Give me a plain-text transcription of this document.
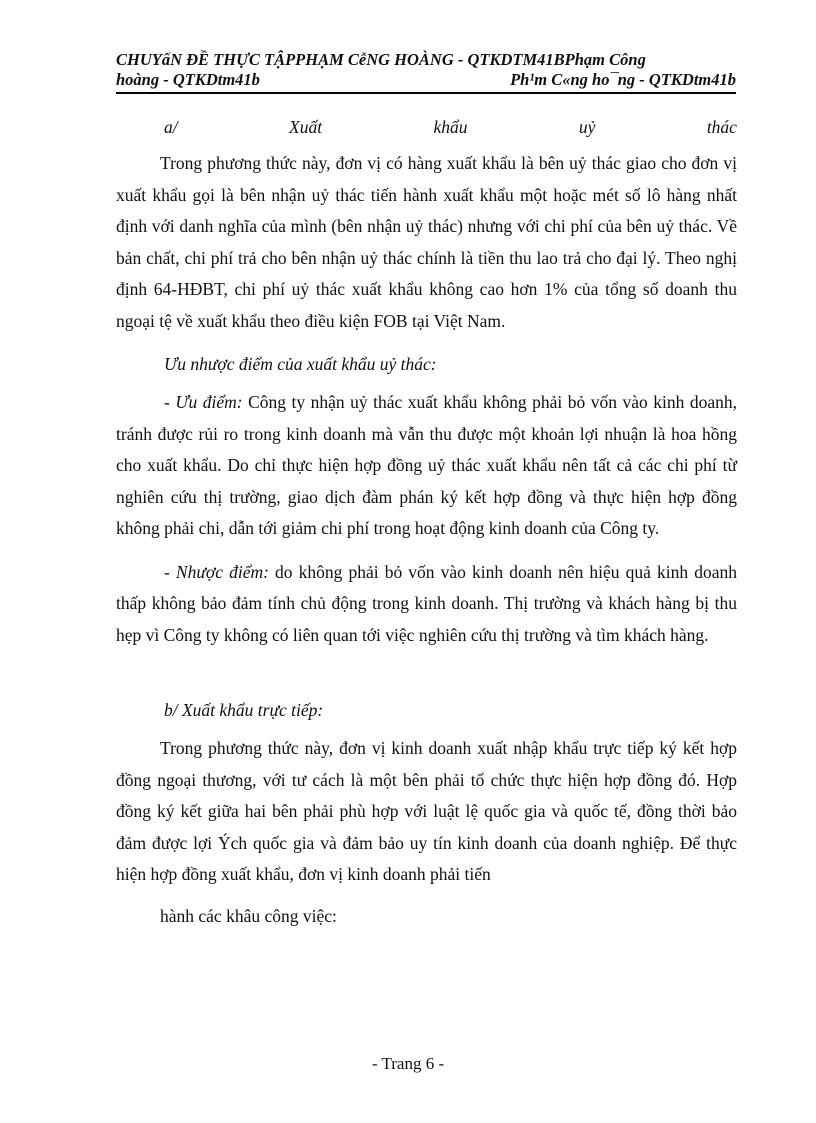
CHUYấN ĐỀ THỰC TẬPPHẠM CễNG HOÀNG - QTKDTM41BPhạm Công
hoàng - QTKDtm41b	Ph¹m C«ng ho¯ng - QTKDtm41b
a/	Xuất	khẩu	uỷ	thác

Trong phương thức này, đơn vị có hàng xuất khẩu là bên uỷ thác giao cho đơn vị xuất khẩu gọi là bên nhận uỷ thác tiến hành xuất khẩu một hoặc mét số lô hàng nhất định với danh nghĩa của mình (bên nhận uỷ thác) nhưng với chi phí của bên uỷ thác. Về bản chất, chi phí trả cho bên nhận uỷ thác chính là tiền thu lao trả cho đại lý. Theo nghị định 64-HĐBT, chi phí uỷ thác xuất khẩu không cao hơn 1% của tổng số doanh thu ngoại tệ về xuất khẩu theo điều kiện FOB tại Việt Nam.

Ưu nhược điểm của xuất khẩu uỷ thác:

- Ưu điểm: Công ty nhận uỷ thác xuất khẩu không phải bỏ vốn vào kinh doanh, tránh được rủi ro trong kinh doanh mà vẫn thu được một khoản lợi nhuận là hoa hồng cho xuất khẩu. Do chỉ thực hiện hợp đồng uỷ thác xuất khẩu nên tất cả các chi phí từ nghiên cứu thị trường, giao dịch đàm phán ký kết hợp đồng và thực hiện hợp đồng không phải chi, dẫn tới giảm chi phí trong hoạt động kinh doanh của Công ty.

- Nhược điểm: do không phải bỏ vốn vào kinh doanh nên hiệu quả kinh doanh thấp không bảo đảm tính chủ động trong kinh doanh. Thị trường và khách hàng bị thu hẹp vì Công ty không có liên quan tới việc nghiên cứu thị trường và tìm khách hàng.

b/ Xuất khẩu trực tiếp:

Trong phương thức này, đơn vị kinh doanh xuất nhập khẩu trực tiếp ký kết hợp đồng ngoại thương, với tư cách là một bên phải tổ chức thực hiện hợp đồng đó. Hợp đồng ký kết giữa hai bên phải phù hợp với luật lệ quốc gia và quốc tế, đồng thời bảo đảm được lợi Ých quốc gia và đảm bảo uy tín kinh doanh của doanh nghiệp. Để thực hiện hợp đồng xuất khẩu, đơn vị kinh doanh phải tiến

hành các khâu công việc:
- Trang 6 -
